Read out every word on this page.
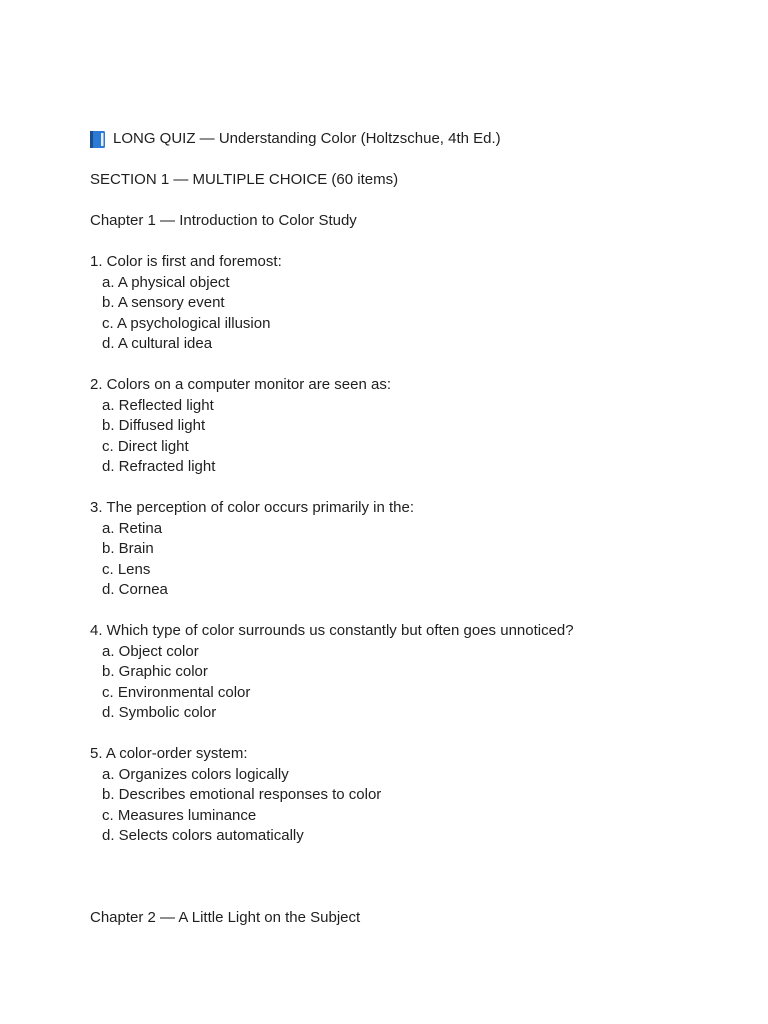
LONG QUIZ — Understanding Color (Holtzschue, 4th Ed.)
SECTION 1 — MULTIPLE CHOICE (60 items)
Chapter 1 — Introduction to Color Study
1. Color is first and foremost:
a. A physical object
b. A sensory event
c. A psychological illusion
d. A cultural idea
2. Colors on a computer monitor are seen as:
a. Reflected light
b. Diffused light
c. Direct light
d. Refracted light
3. The perception of color occurs primarily in the:
a. Retina
b. Brain
c. Lens
d. Cornea
4. Which type of color surrounds us constantly but often goes unnoticed?
a. Object color
b. Graphic color
c. Environmental color
d. Symbolic color
5. A color-order system:
a. Organizes colors logically
b. Describes emotional responses to color
c. Measures luminance
d. Selects colors automatically
Chapter 2 — A Little Light on the Subject
